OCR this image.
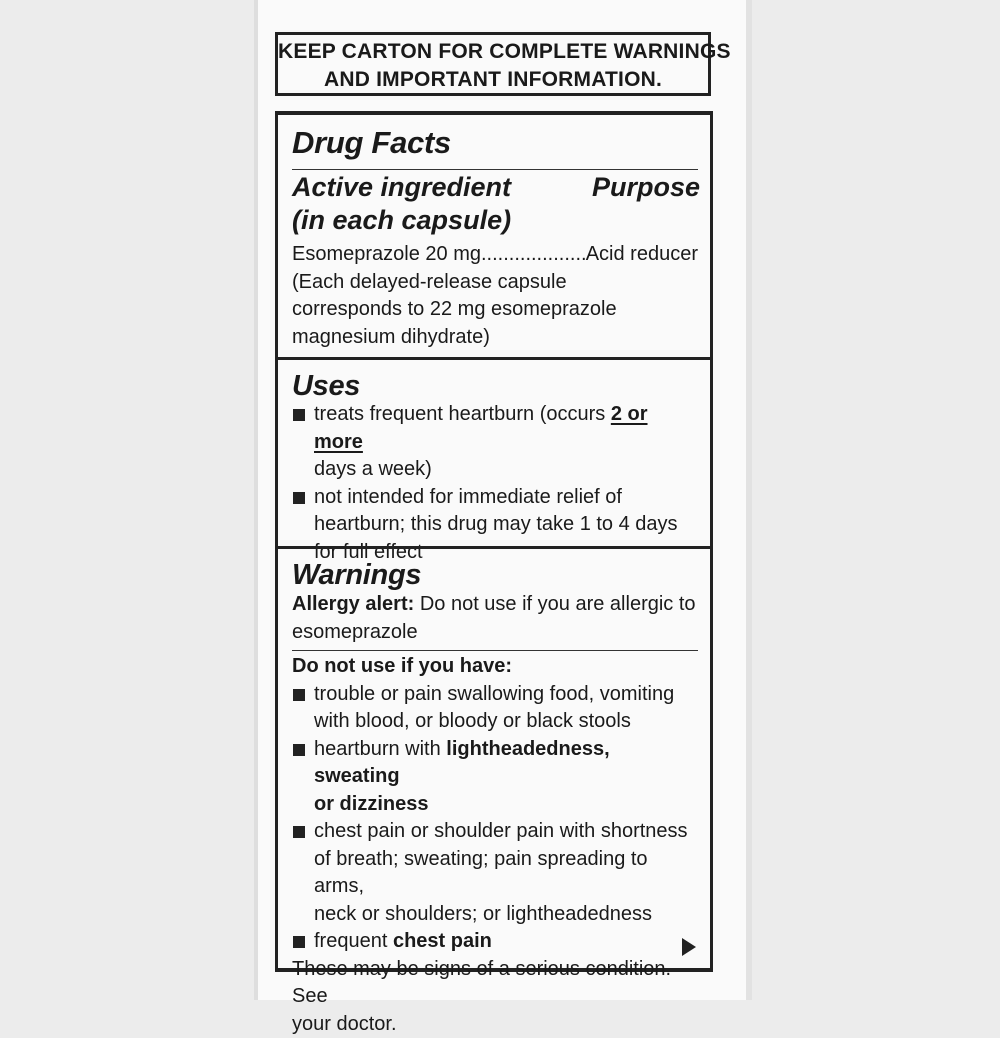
KEEP CARTON FOR COMPLETE WARNINGS
AND IMPORTANT INFORMATION.
Drug Facts
Active ingredient
(in each capsule)
Purpose
Esomeprazole 20 mg
.....	Acid reducer
(Each delayed-release capsule
corresponds to 22 mg esomeprazole
magnesium dihydrate)
Uses
treats frequent heartburn (occurs 2 or more
days a week)
not intended for immediate relief of
heartburn; this drug may take 1 to 4 days
for full effect
Warnings
Allergy alert: Do not use if you are allergic to
esomeprazole
Do not use if you have:
trouble or pain swallowing food, vomiting
with blood, or bloody or black stools
heartburn with lightheadedness, sweating
or dizziness
chest pain or shoulder pain with shortness
of breath; sweating; pain spreading to arms,
neck or shoulders; or lightheadedness
frequent chest pain
These may be signs of a serious condition. See
your doctor.
